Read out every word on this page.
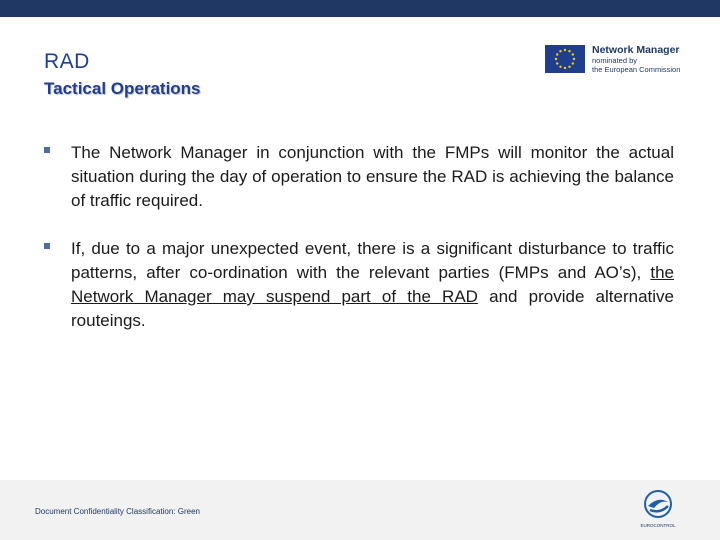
RAD
Tactical Operations
Network Manager
nominated by
the European Commission

The Network Manager in conjunction with the FMPs will monitor the actual situation during the day of operation to ensure the RAD is achieving the balance of traffic required.

If, due to a major unexpected event, there is a significant disturbance to traffic patterns, after co-ordination with the relevant parties (FMPs and AO’s), the Network Manager may suspend part of the RAD and provide alternative routeings.

Document Confidentiality Classification: Green
EUROCONTROL
